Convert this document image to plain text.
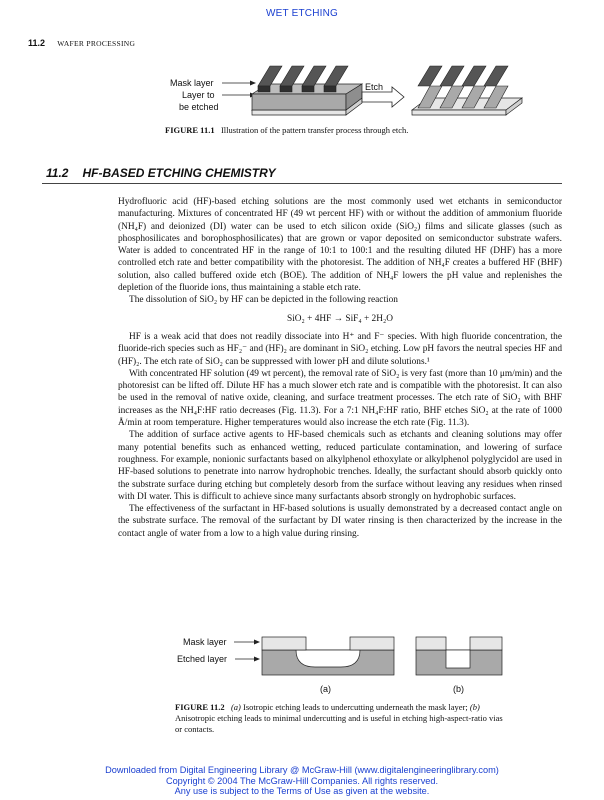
WET ETCHING
11.2 WAFER PROCESSING
Mask layer
Layer to
be etched
Etch
FIGURE 11.1 Illustration of the pattern transfer process through etch.
11.2 HF-BASED ETCHING CHEMISTRY

Hydrofluoric acid (HF)-based etching solutions are the most commonly used wet etchants in semiconductor manufacturing. Mixtures of concentrated HF (49 wt percent HF) with or without the addition of ammonium fluoride (NH₄F) and deionized (DI) water can be used to etch silicon oxide (SiO₂) films and silicate glasses (such as phosphosilicates and borophosphosilicates) that are grown or vapor deposited on semiconductor substrate wafers. Water is added to concentrated HF in the range of 10:1 to 100:1 and the resulting diluted HF (DHF) has a more controlled etch rate and better compatibility with the photoresist. The addition of NH₄F creates a buffered HF (BHF) solution, also called buffered oxide etch (BOE). The addition of NH₄F lowers the pH value and replenishes the depletion of the fluoride ions, thus maintaining a stable etch rate.

The dissolution of SiO₂ by HF can be depicted in the following reaction

SiO₂ + 4HF → SiF₄ + 2H₂O

HF is a weak acid that does not readily dissociate into H⁺ and F⁻ species. With high fluoride concentration, the fluoride-rich species such as HF₂⁻ and (HF)₂ are dominant in SiO₂ etching. Low pH favors the neutral species HF and (HF)₂. The etch rate of SiO₂ can be suppressed with lower pH and dilute solutions.¹

With concentrated HF solution (49 wt percent), the removal rate of SiO₂ is very fast (more than 10 μm/min) and the photoresist can be lifted off. Dilute HF has a much slower etch rate and is compatible with the photoresist. It can also be used in the removal of native oxide, cleaning, and surface treatment processes. The etch rate of SiO₂ with BHF increases as the NH₄F:HF ratio decreases (Fig. 11.3). For a 7:1 NH₄F:HF ratio, BHF etches SiO₂ at the rate of 1000 Å/min at room temperature. Higher temperatures would also increase the etch rate (Fig. 11.3).

The addition of surface active agents to HF-based chemicals such as etchants and cleaning solutions may offer many potential benefits such as enhanced wetting, reduced particulate contamination, and lowering of surface roughness. For example, nonionic surfactants based on alkylphenol ethoxylate or alkylphenol polyglycidol are used in HF-based solutions to penetrate into narrow hydrophobic trenches. Ideally, the surfactant should absorb quickly onto the substrate surface during etching but completely desorb from the surface without leaving any residues when rinsed with DI water. This is difficult to achieve since many surfactants absorb strongly on hydrophobic surfaces.

The effectiveness of the surfactant in HF-based solutions is usually demonstrated by a decreased contact angle on the substrate surface. The removal of the surfactant by DI water rinsing is then characterized by the increase in the contact angle of water from a low to a high value during rinsing.

Mask layer
Etched layer
(a)	(b)
FIGURE 11.2 (a) Isotropic etching leads to undercutting underneath the mask layer; (b) Anisotropic etching leads to minimal undercutting and is useful in etching high-aspect-ratio vias or contacts.
Downloaded from Digital Engineering Library @ McGraw-Hill (www.digitalengineeringlibrary.com)
Copyright © 2004 The McGraw-Hill Companies. All rights reserved.
Any use is subject to the Terms of Use as given at the website.
